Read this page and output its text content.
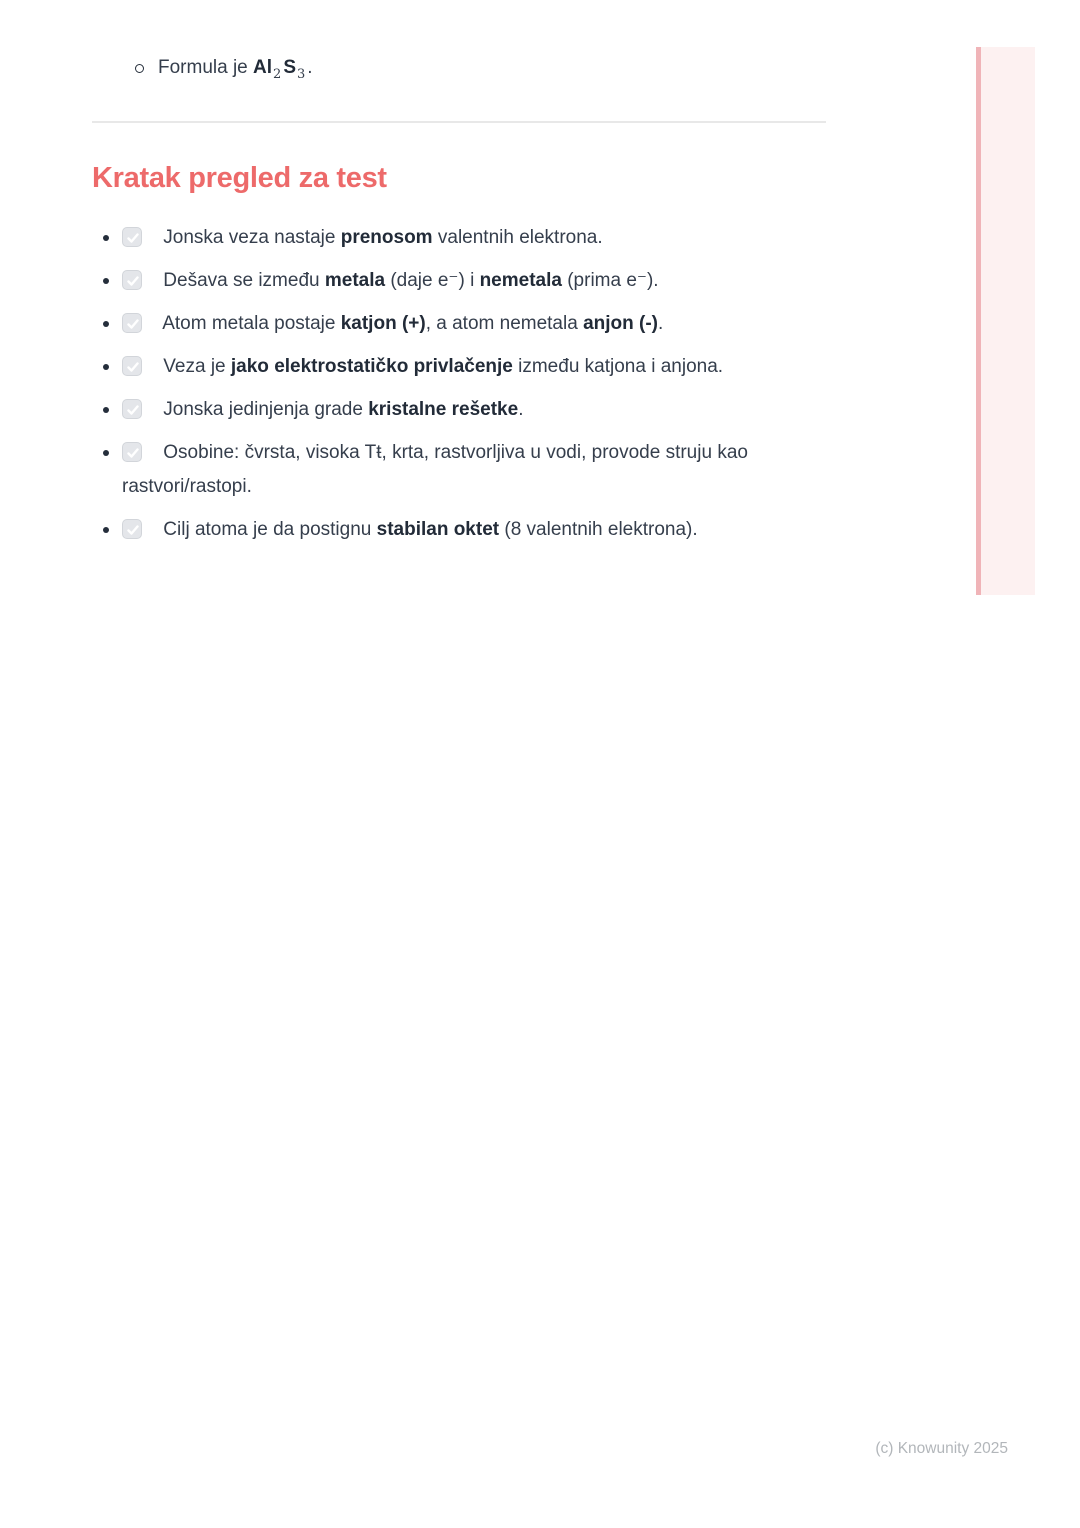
Formula je $Al_2$ $S_3$ .
Kratak pregled za test
Jonska veza nastaje prenosom valentnih elektrona.
Dešava se između metala (daje e⁻) i nemetala (prima e⁻).
Atom metala postaje katjon (+), a atom nemetala anjon (-).
Veza je jako elektrostatičko privlačenje između katjona i anjona.
Jonska jedinjenja grade kristalne rešetke.
Osobine: čvrsta, visoka Tŧ, krta, rastvorljiva u vodi, provode struju kao
rastvori/rastopi.
Cilj atoma je da postignu stabilan oktet (8 valentnih elektrona).
(c) Knowunity 2025
